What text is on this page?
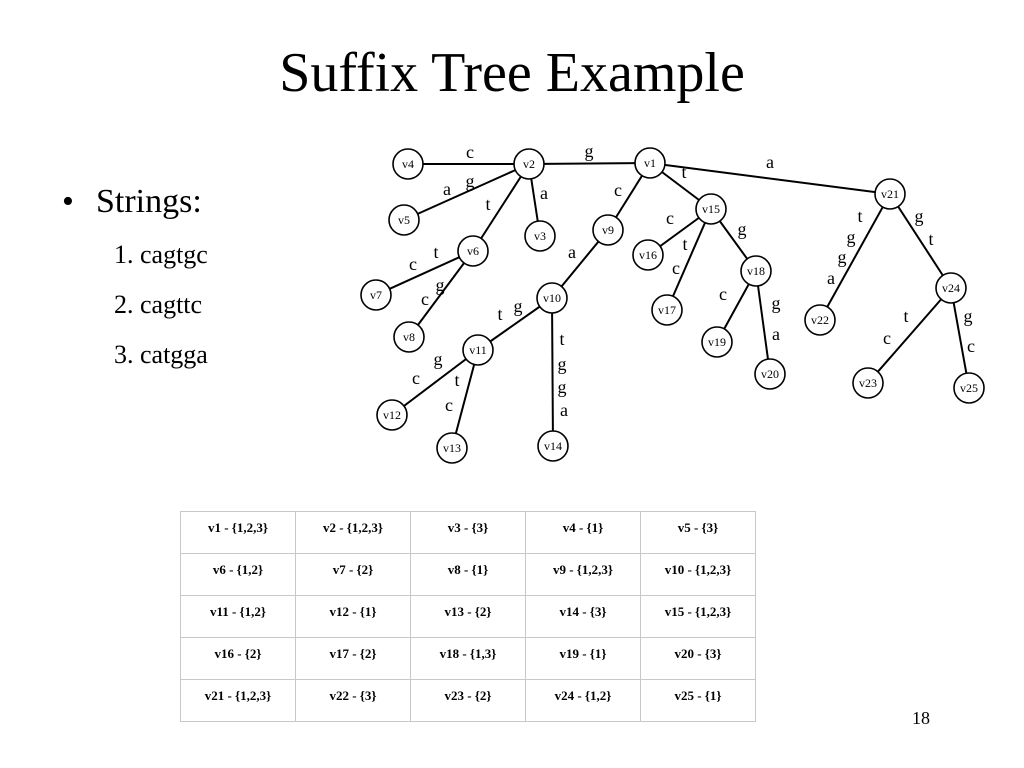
Suffix Tree Example
• Strings:
1. cagtgc
2. cagttc
3. catgga
c	g
a
a g
t
a
c
t
c
g
c
t
a
t g
t
g
g
a
c
g
t
c
c
t
c
g
c g
a
t
g
g
a
g
t
t
c
g
c
v1
v2
v4
v5
v3
v6
v7
v8
v9
v10
v11
v12
v13	v14
v15
v16
v17
v18
v19
v20
v21
v22
v23
v24
v25
v1 - {1,2,3}	v2 - {1,2,3}	v3 - {3}	v4 - {1}	v5 - {3}
v6 - {1,2}	v7 - {2}	v8 - {1}	v9 - {1,2,3}	v10 - {1,2,3}
v11 - {1,2}	v12 - {1}	v13 - {2}	v14 - {3}	v15 - {1,2,3}
v16 - {2}	v17 - {2}	v18 - {1,3}	v19 - {1}	v20 - {3}
v21 - {1,2,3}	v22 - {3}	v23 - {2}	v24 - {1,2}	v25 - {1}
18
